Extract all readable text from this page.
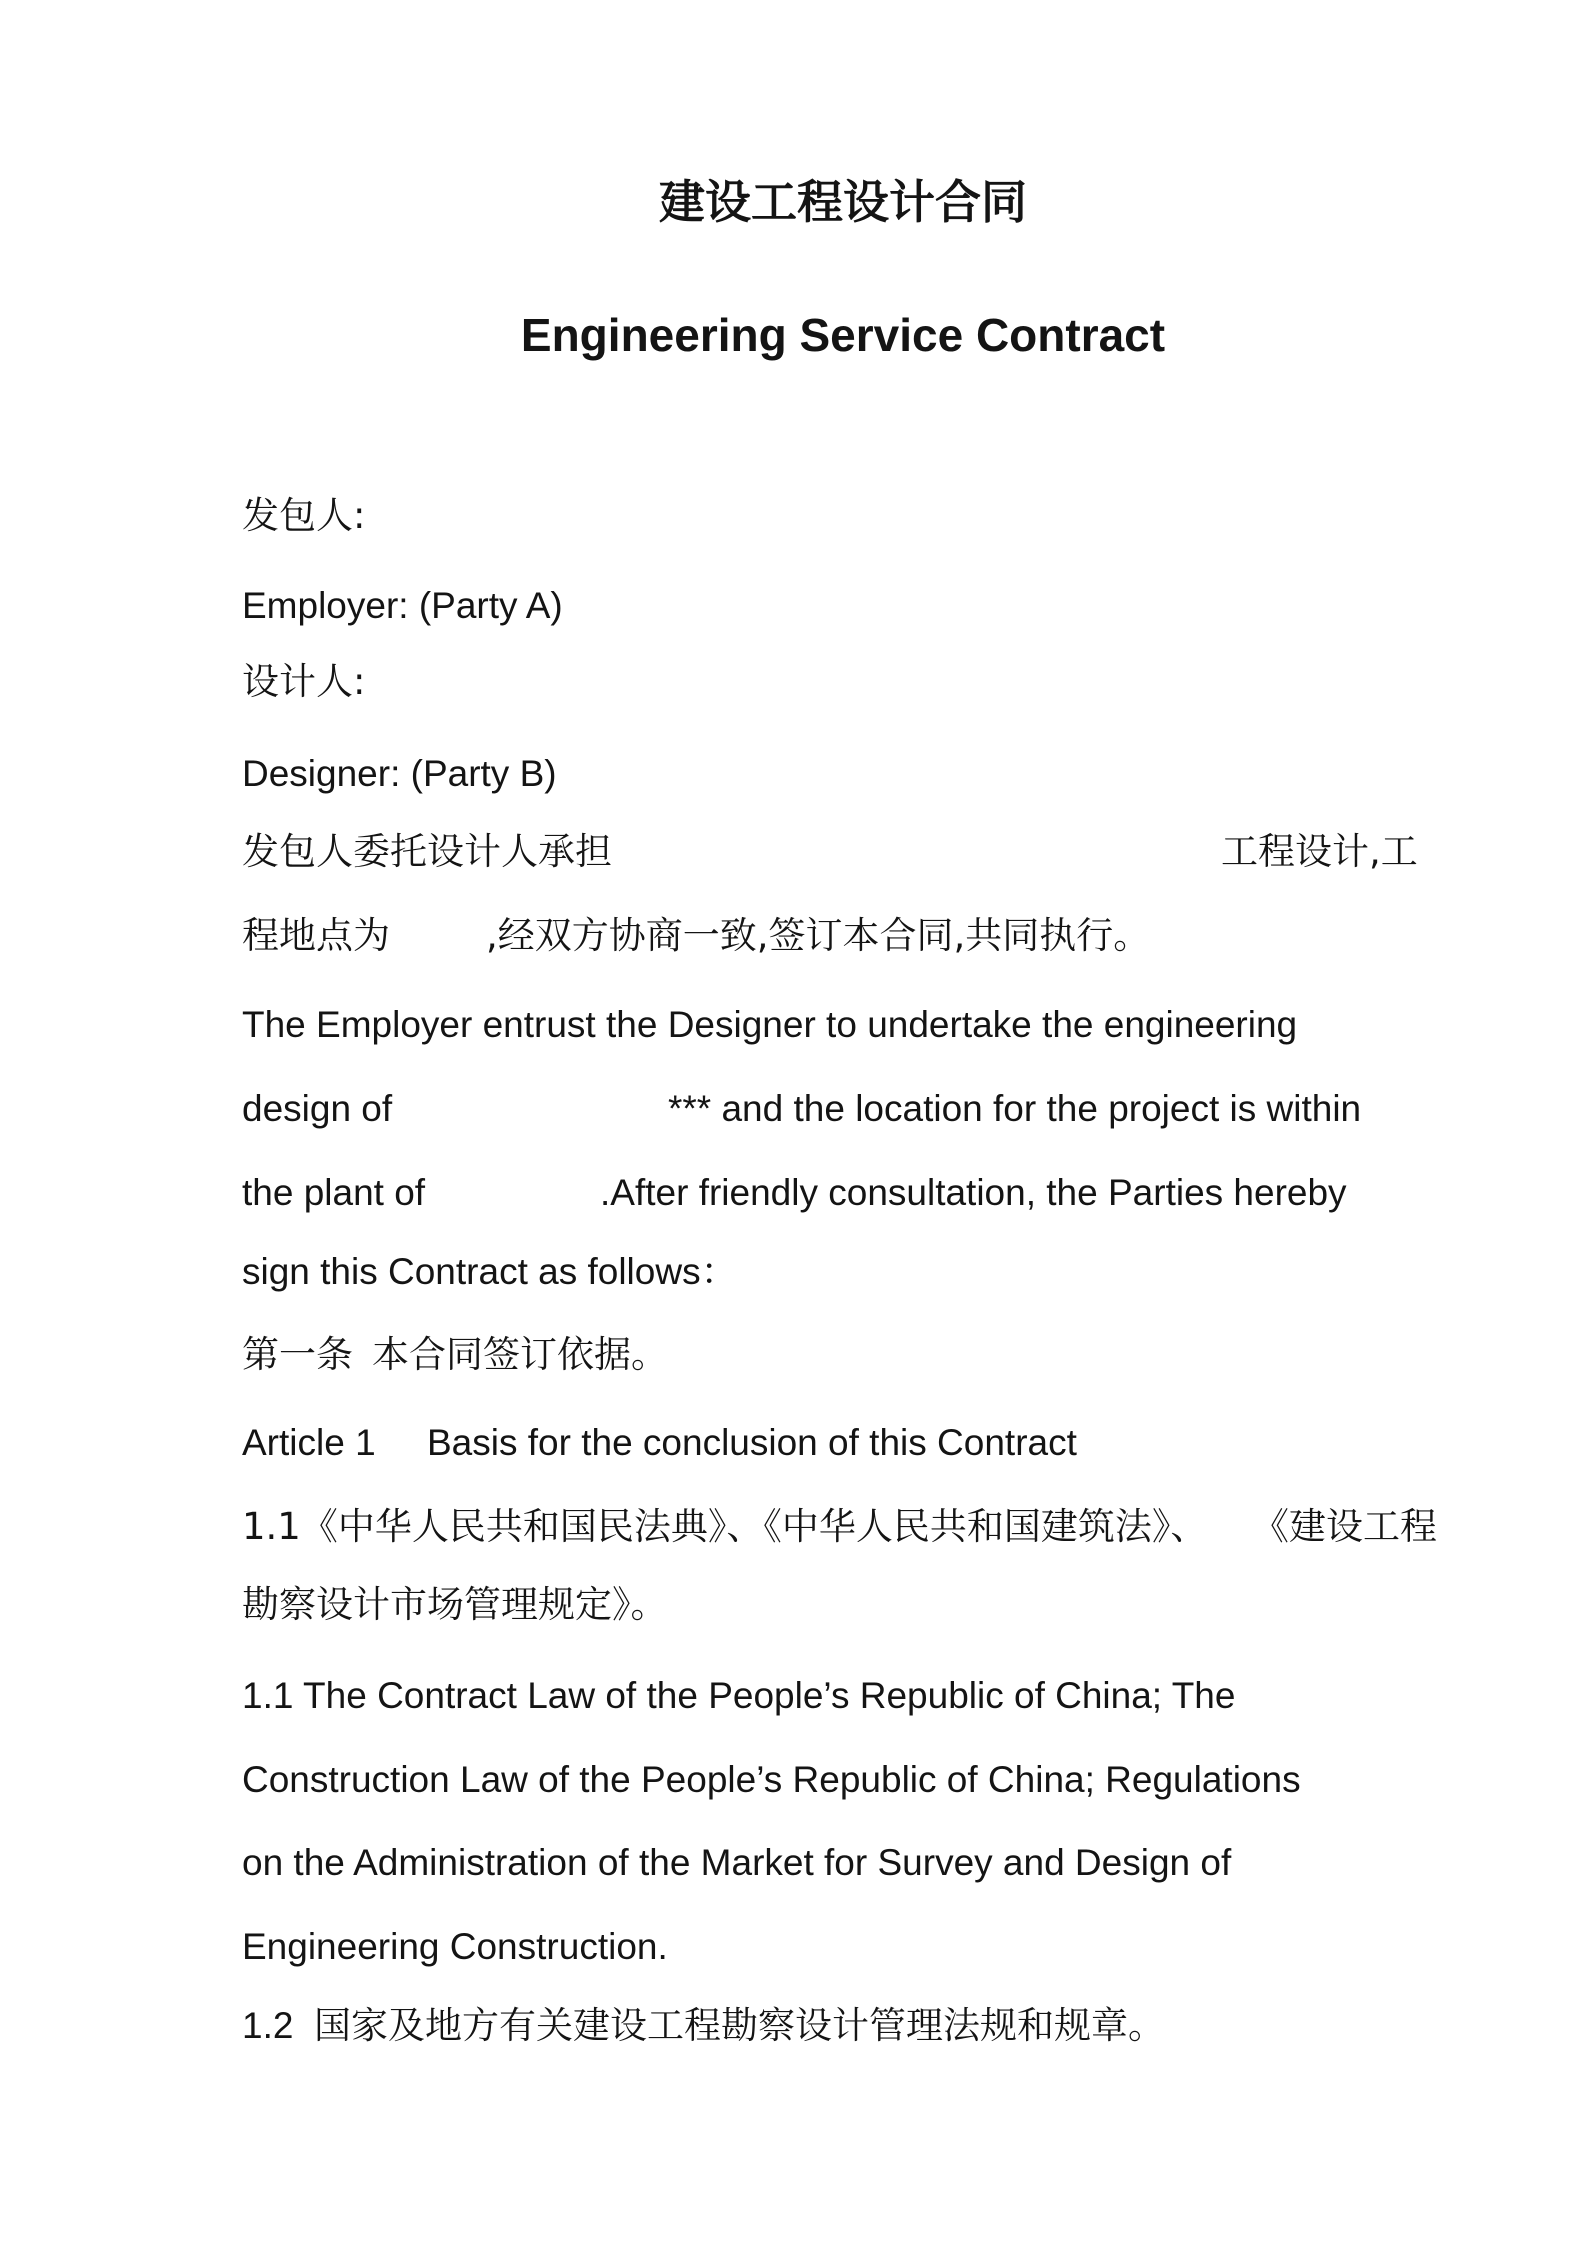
建设工程设计合同
Engineering Service Contract
发包人:
Employer: (Party A)
设计人:
Designer: (Party B)
发包人委托设计人承担	工程设计,工
程地点为	,经双方协商一致,签订本合同,共同执行。
The Employer entrust the Designer to undertake the engineering
design of	*** and the location for the project is within
the plant of	.After friendly consultation, the Parties hereby
sign this Contract as follows：
第一条 本合同签订依据。
Article 1 Basis for the conclusion of this Contract
1.1《中华人民共和国民法典》、《中华人民共和国建筑法》、 《建设工程
勘察设计市场管理规定》。
1.1 The Contract Law of the People’s Republic of China; The
Construction Law of the People’s Republic of China; Regulations
on the Administration of the Market for Survey and Design of
Engineering Construction.
1.2 国家及地方有关建设工程勘察设计管理法规和规章。
